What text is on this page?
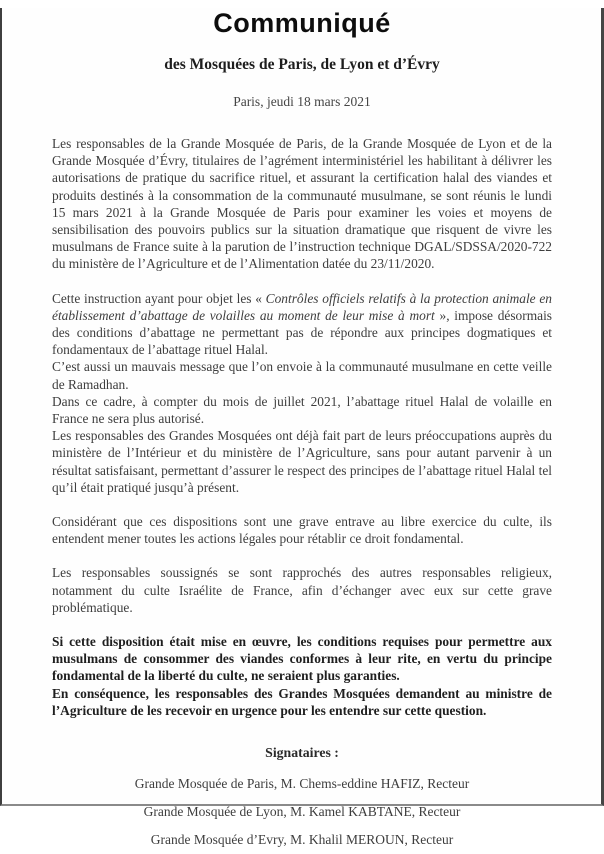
Communiqué
des Mosquées de Paris, de Lyon et d’Évry
Paris, jeudi 18 mars 2021

Les responsables de la Grande Mosquée de Paris, de la Grande Mosquée de Lyon et de la Grande Mosquée d’Évry, titulaires de l’agrément interministériel les habilitant à délivrer les autorisations de pratique du sacrifice rituel, et assurant la certification halal des viandes et produits destinés à la consommation de la communauté musulmane, se sont réunis le lundi 15 mars 2021 à la Grande Mosquée de Paris pour examiner les voies et moyens de sensibilisation des pouvoirs publics sur la situation dramatique que risquent de vivre les musulmans de France suite à la parution de l’instruction technique DGAL/SDSSA/2020-722 du ministère de l’Agriculture et de l’Alimentation datée du 23/11/2020.

Cette instruction ayant pour objet les « Contrôles officiels relatifs à la protection animale en établissement d’abattage de volailles au moment de leur mise à mort », impose désormais des conditions d’abattage ne permettant pas de répondre aux principes dogmatiques et fondamentaux de l’abattage rituel Halal.

C’est aussi un mauvais message que l’on envoie à la communauté musulmane en cette veille de Ramadhan.

Dans ce cadre, à compter du mois de juillet 2021, l’abattage rituel Halal de volaille en France ne sera plus autorisé.

Les responsables des Grandes Mosquées ont déjà fait part de leurs préoccupations auprès du ministère de l’Intérieur et du ministère de l’Agriculture, sans pour autant parvenir à un résultat satisfaisant, permettant d’assurer le respect des principes de l’abattage rituel Halal tel qu’il était pratiqué jusqu’à présent.

Considérant que ces dispositions sont une grave entrave au libre exercice du culte, ils entendent mener toutes les actions légales pour rétablir ce droit fondamental.

Les responsables soussignés se sont rapprochés des autres responsables religieux, notamment du culte Israélite de France, afin d’échanger avec eux sur cette grave problématique.

Si cette disposition était mise en œuvre, les conditions requises pour permettre aux musulmans de consommer des viandes conformes à leur rite, en vertu du principe fondamental de la liberté du culte, ne seraient plus garanties.

En conséquence, les responsables des Grandes Mosquées demandent au ministre de l’Agriculture de les recevoir en urgence pour les entendre sur cette question.

Signataires :
Grande Mosquée de Paris, M. Chems-eddine HAFIZ, Recteur
Grande Mosquée de Lyon, M. Kamel KABTANE, Recteur
Grande Mosquée d’Evry, M. Khalil MEROUN, Recteur
